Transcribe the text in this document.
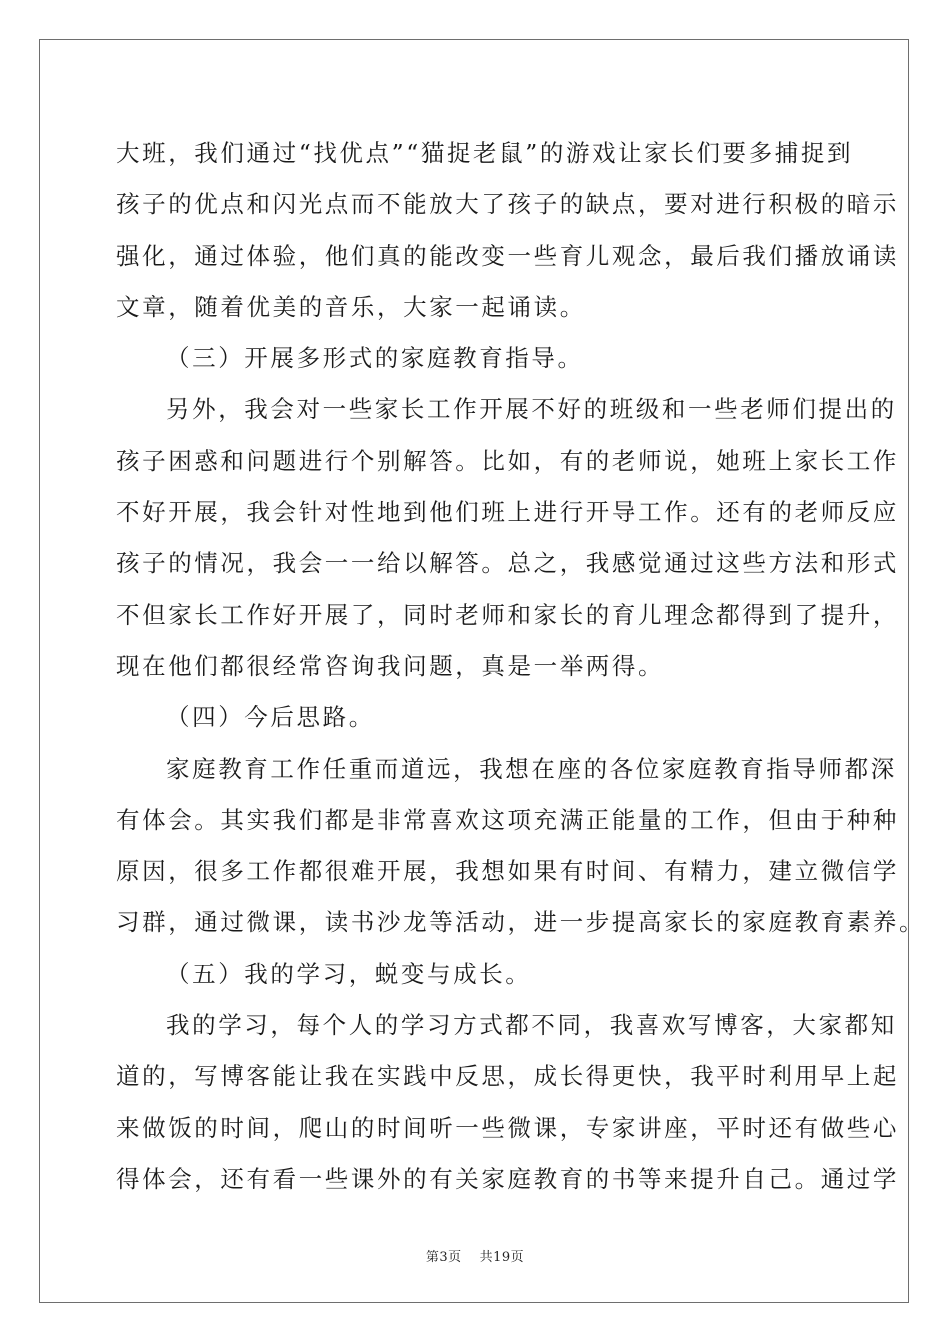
大班，我们通过“找优点”“猫捉老鼠”的游戏让家长们要多捕捉到
孩子的优点和闪光点而不能放大了孩子的缺点，要对进行积极的暗示
强化，通过体验，他们真的能改变一些育儿观念，最后我们播放诵读
文章，随着优美的音乐，大家一起诵读。
（三）开展多形式的家庭教育指导。
另外，我会对一些家长工作开展不好的班级和一些老师们提出的
孩子困惑和问题进行个别解答。比如，有的老师说，她班上家长工作
不好开展，我会针对性地到他们班上进行开导工作。还有的老师反应
孩子的情况，我会一一给以解答。总之，我感觉通过这些方法和形式
不但家长工作好开展了，同时老师和家长的育儿理念都得到了提升，
现在他们都很经常咨询我问题，真是一举两得。
（四）今后思路。
家庭教育工作任重而道远，我想在座的各位家庭教育指导师都深
有体会。其实我们都是非常喜欢这项充满正能量的工作，但由于种种
原因，很多工作都很难开展，我想如果有时间、有精力，建立微信学
习群，通过微课，读书沙龙等活动，进一步提高家长的家庭教育素养。
（五）我的学习，蜕变与成长。
我的学习，每个人的学习方式都不同，我喜欢写博客，大家都知
道的，写博客能让我在实践中反思，成长得更快，我平时利用早上起
来做饭的时间，爬山的时间听一些微课，专家讲座，平时还有做些心
得体会，还有看一些课外的有关家庭教育的书等来提升自己。通过学
第3页 共19页
